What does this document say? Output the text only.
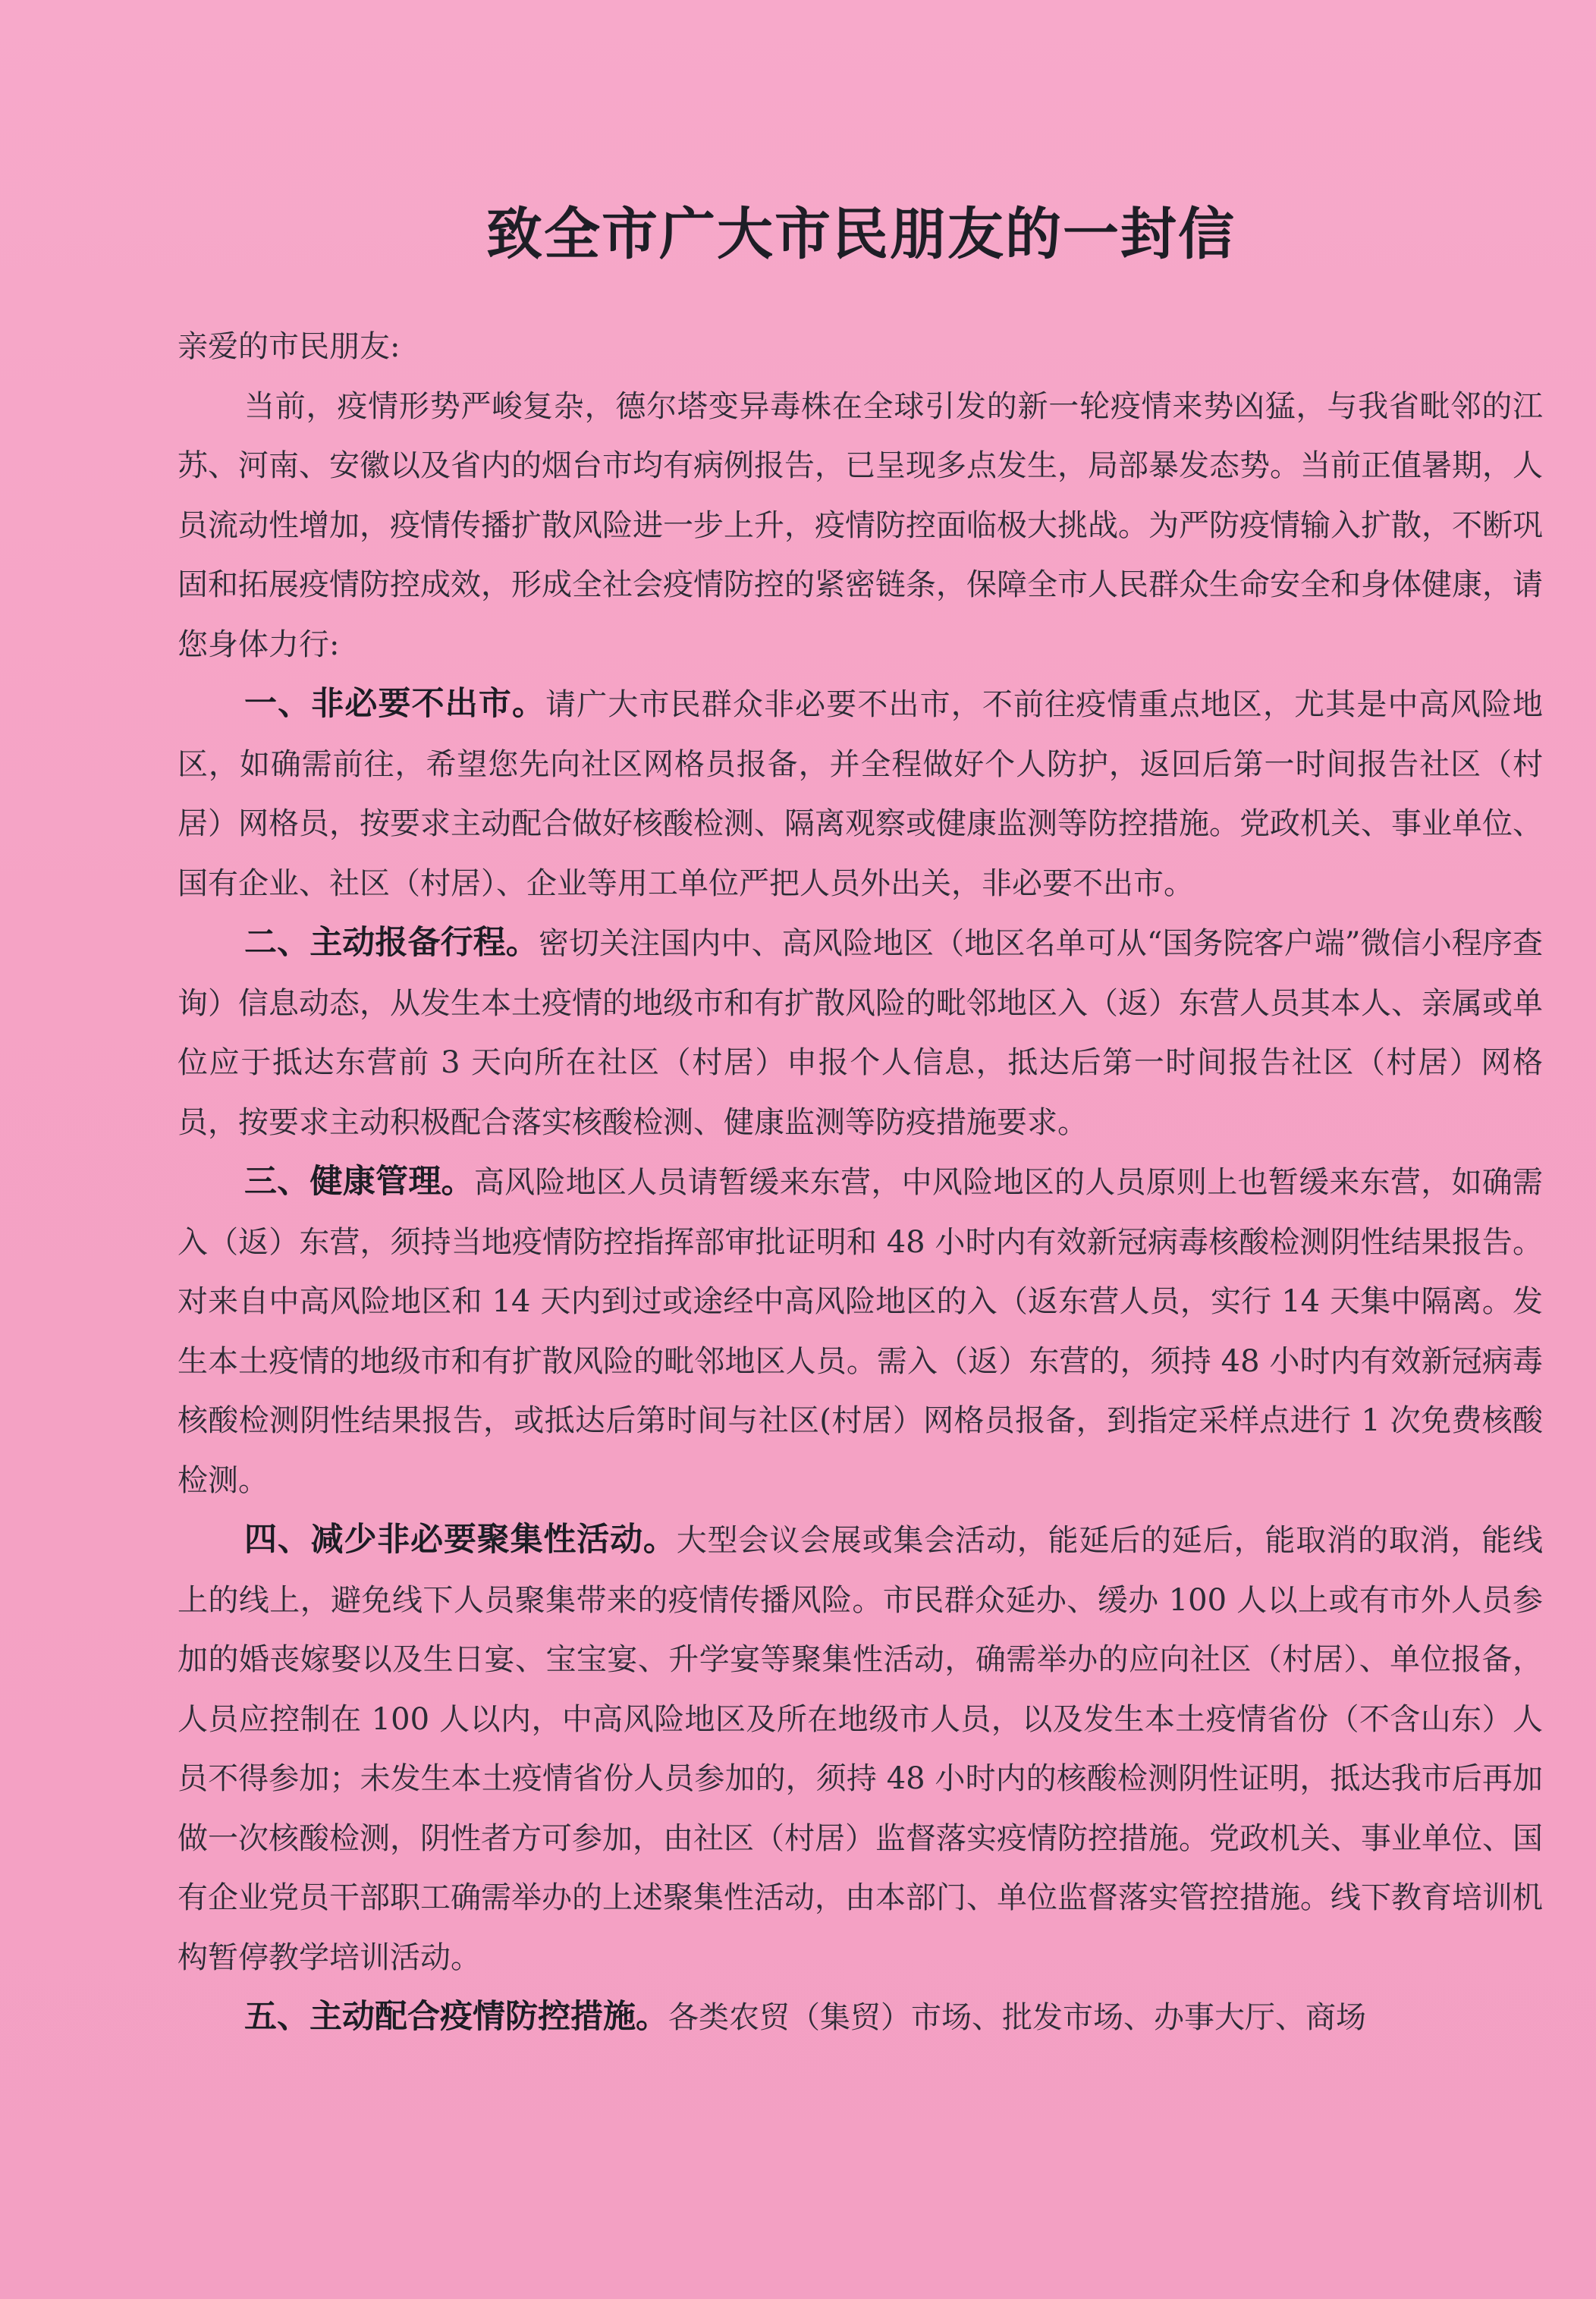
致全市广大市民朋友的一封信

亲爱的市民朋友:

当前，疫情形势严峻复杂，德尔塔变异毒株在全球引发的新一轮疫情来势凶猛，与我省毗邻的江苏、河南、安徽以及省内的烟台市均有病例报告，已呈现多点发生，局部暴发态势。当前正值暑期，人员流动性增加，疫情传播扩散风险进一步上升，疫情防控面临极大挑战。为严防疫情输入扩散，不断巩固和拓展疫情防控成效，形成全社会疫情防控的紧密链条，保障全市人民群众生命安全和身体健康，请您身体力行:

一、非必要不出市。请广大市民群众非必要不出市，不前往疫情重点地区，尤其是中高风险地区，如确需前往，希望您先向社区网格员报备，并全程做好个人防护，返回后第一时间报告社区（村居）网格员，按要求主动配合做好核酸检测、隔离观察或健康监测等防控措施。党政机关、事业单位、国有企业、社区（村居）、企业等用工单位严把人员外出关，非必要不出市。

二、主动报备行程。密切关注国内中、高风险地区（地区名单可从“国务院客户端”微信小程序查询）信息动态，从发生本土疫情的地级市和有扩散风险的毗邻地区入（返）东营人员其本人、亲属或单位应于抵达东营前 3 天向所在社区（村居）申报个人信息，抵达后第一时间报告社区（村居）网格员，按要求主动积极配合落实核酸检测、健康监测等防疫措施要求。

三、健康管理。高风险地区人员请暂缓来东营，中风险地区的人员原则上也暂缓来东营，如确需入（返）东营，须持当地疫情防控指挥部审批证明和 48 小时内有效新冠病毒核酸检测阴性结果报告。对来自中高风险地区和 14 天内到过或途经中高风险地区的入（返东营人员，实行 14 天集中隔离。发生本土疫情的地级市和有扩散风险的毗邻地区人员。需入（返）东营的，须持 48 小时内有效新冠病毒核酸检测阴性结果报告，或抵达后第时间与社区(村居）网格员报备，到指定采样点进行 1 次免费核酸检测。

四、减少非必要聚集性活动。大型会议会展或集会活动，能延后的延后，能取消的取消，能线上的线上，避免线下人员聚集带来的疫情传播风险。市民群众延办、缓办 100 人以上或有市外人员参加的婚丧嫁娶以及生日宴、宝宝宴、升学宴等聚集性活动，确需举办的应向社区（村居）、单位报备，人员应控制在 100 人以内，中高风险地区及所在地级市人员，以及发生本土疫情省份（不含山东）人员不得参加；未发生本土疫情省份人员参加的，须持 48 小时内的核酸检测阴性证明，抵达我市后再加做一次核酸检测，阴性者方可参加，由社区（村居）监督落实疫情防控措施。党政机关、事业单位、国有企业党员干部职工确需举办的上述聚集性活动，由本部门、单位监督落实管控措施。线下教育培训机构暂停教学培训活动。

五、主动配合疫情防控措施。各类农贸（集贸）市场、批发市场、办事大厅、商场
